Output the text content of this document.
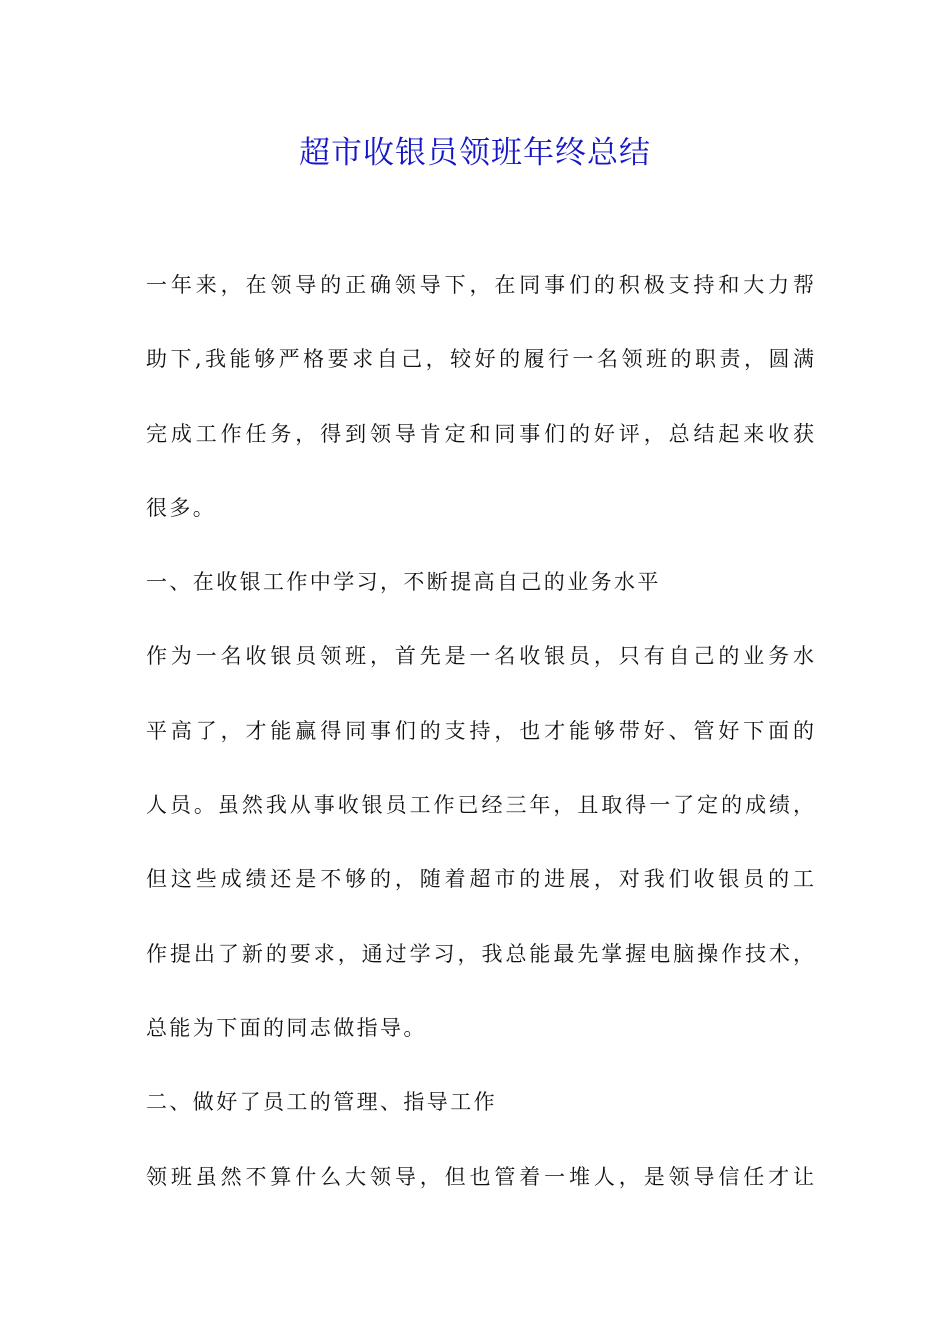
超市收银员领班年终总结

一年来，在领导的正确领导下，在同事们的积极支持和大力帮

助下,我能够严格要求自己，较好的履行一名领班的职责，圆满

完成工作任务，得到领导肯定和同事们的好评，总结起来收获

很多。

一、在收银工作中学习，不断提高自己的业务水平

作为一名收银员领班，首先是一名收银员，只有自己的业务水

平高了，才能赢得同事们的支持，也才能够带好、管好下面的

人员。虽然我从事收银员工作已经三年，且取得一了定的成绩，

但这些成绩还是不够的，随着超市的进展，对我们收银员的工

作提出了新的要求，通过学习，我总能最先掌握电脑操作技术，

总能为下面的同志做指导。

二、做好了员工的管理、指导工作

领班虽然不算什么大领导，但也管着一堆人，是领导信任才让
